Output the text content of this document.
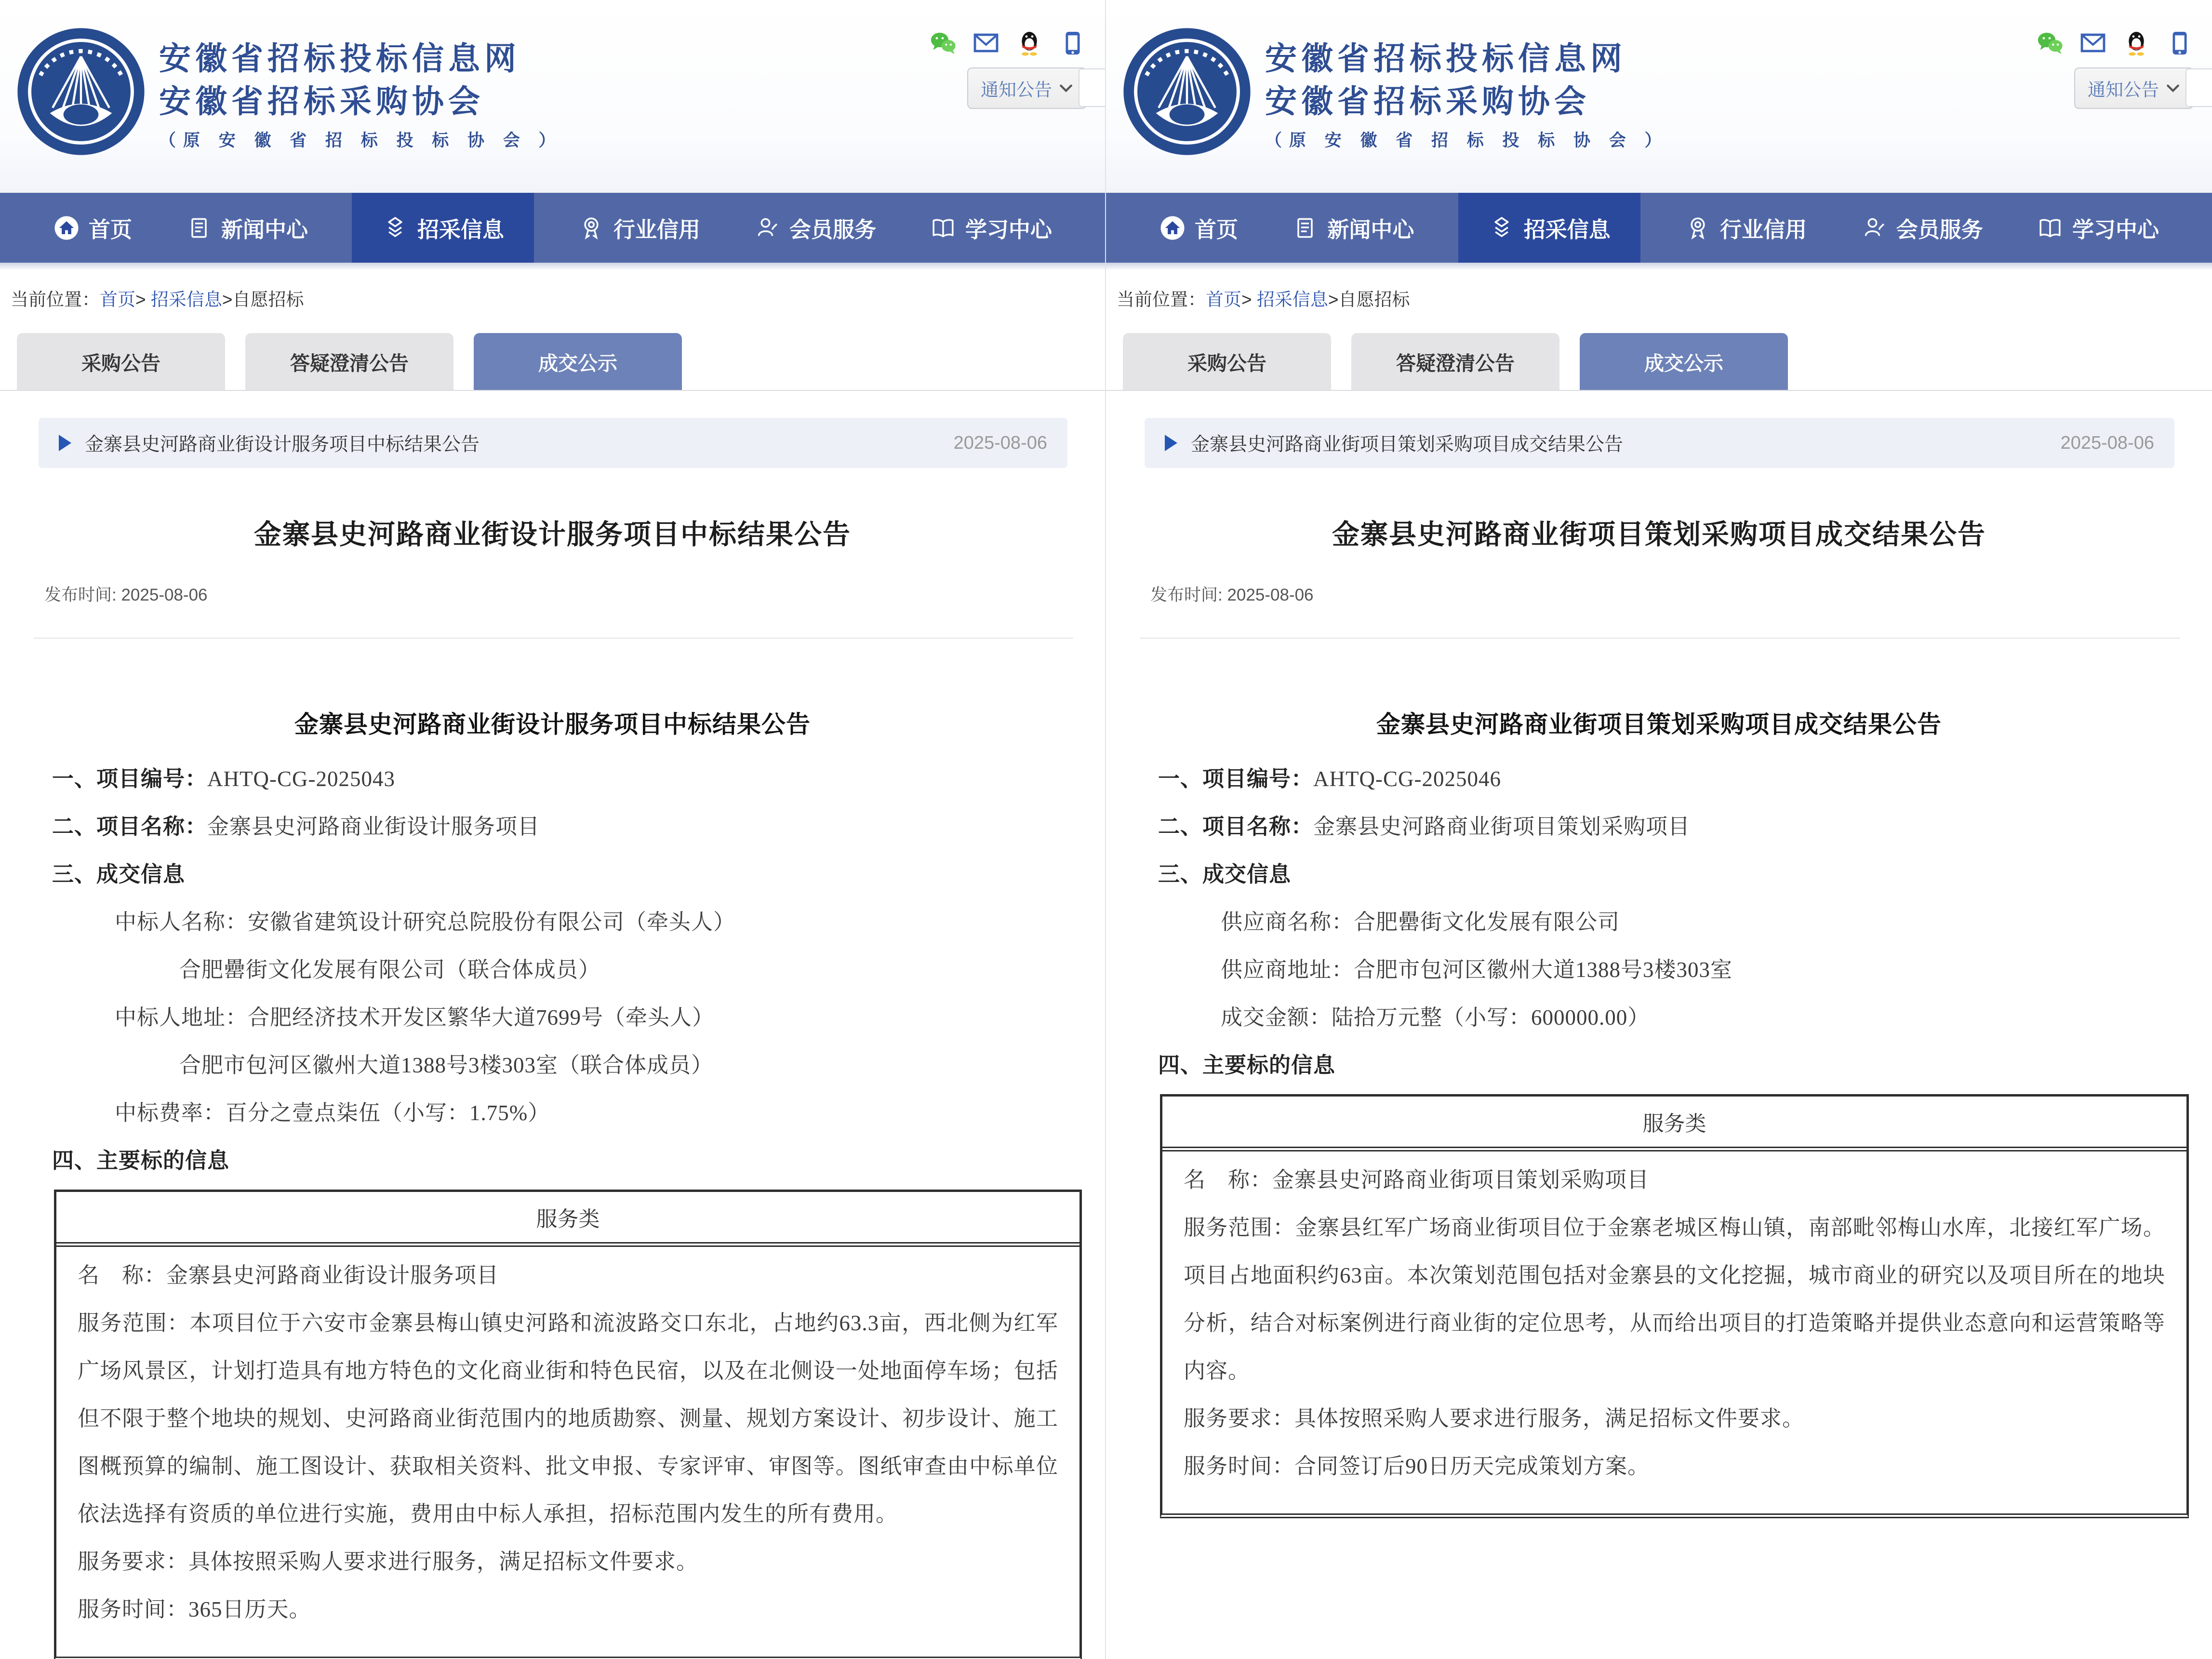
安徽省招标投标信息网
安徽省招标采购协会
（原 安 徽 省 招 标 投 标 协 会 ）
通知公告
首页	新闻中心	招采信息	行业信用	会员服务	学习中心
当前位置：首页> 招采信息>自愿招标
采购公告	答疑澄清公告	成交公示
金寨县史河路商业街设计服务项目中标结果公告	2025-08-06
金寨县史河路商业街设计服务项目中标结果公告
发布时间: 2025-08-06
金寨县史河路商业街设计服务项目中标结果公告

一、项目编号：AHTQ-CG-2025043

二、项目名称：金寨县史河路商业街设计服务项目

三、成交信息

中标人名称：安徽省建筑设计研究总院股份有限公司（牵头人）

合肥罍街文化发展有限公司（联合体成员）

中标人地址：合肥经济技术开发区繁华大道7699号（牵头人）

合肥市包河区徽州大道1388号3楼303室（联合体成员）

中标费率：百分之壹点柒伍（小写：1.75%）

四、主要标的信息

服务类

名　称：金寨县史河路商业街设计服务项目

服务范围：本项目位于六安市金寨县梅山镇史河路和流波路交口东北，占地约63.3亩，西北侧为红军广场风景区，计划打造具有地方特色的文化商业街和特色民宿，以及在北侧设一处地面停车场；包括但不限于整个地块的规划、史河路商业街范围内的地质勘察、测量、规划方案设计、初步设计、施工图概预算的编制、施工图设计、获取相关资料、批文申报、专家评审、审图等。图纸审查由中标单位依法选择有资质的单位进行实施，费用由中标人承担，招标范围内发生的所有费用。

服务要求：具体按照采购人要求进行服务，满足招标文件要求。

服务时间：365日历天。

安徽省招标投标信息网
安徽省招标采购协会
（原 安 徽 省 招 标 投 标 协 会 ）
通知公告
首页	新闻中心	招采信息	行业信用	会员服务	学习中心
当前位置：首页> 招采信息>自愿招标
采购公告	答疑澄清公告	成交公示
金寨县史河路商业街项目策划采购项目成交结果公告	2025-08-06
金寨县史河路商业街项目策划采购项目成交结果公告
发布时间: 2025-08-06
金寨县史河路商业街项目策划采购项目成交结果公告

一、项目编号：AHTQ-CG-2025046

二、项目名称：金寨县史河路商业街项目策划采购项目

三、成交信息

供应商名称：合肥罍街文化发展有限公司

供应商地址：合肥市包河区徽州大道1388号3楼303室

成交金额：陆拾万元整（小写：600000.00）

四、主要标的信息

服务类

名　称：金寨县史河路商业街项目策划采购项目

服务范围：金寨县红军广场商业街项目位于金寨老城区梅山镇，南部毗邻梅山水库，北接红军广场。项目占地面积约63亩。本次策划范围包括对金寨县的文化挖掘，城市商业的研究以及项目所在的地块分析，结合对标案例进行商业街的定位思考，从而给出项目的打造策略并提供业态意向和运营策略等内容。

服务要求：具体按照采购人要求进行服务，满足招标文件要求。

服务时间：合同签订后90日历天完成策划方案。
